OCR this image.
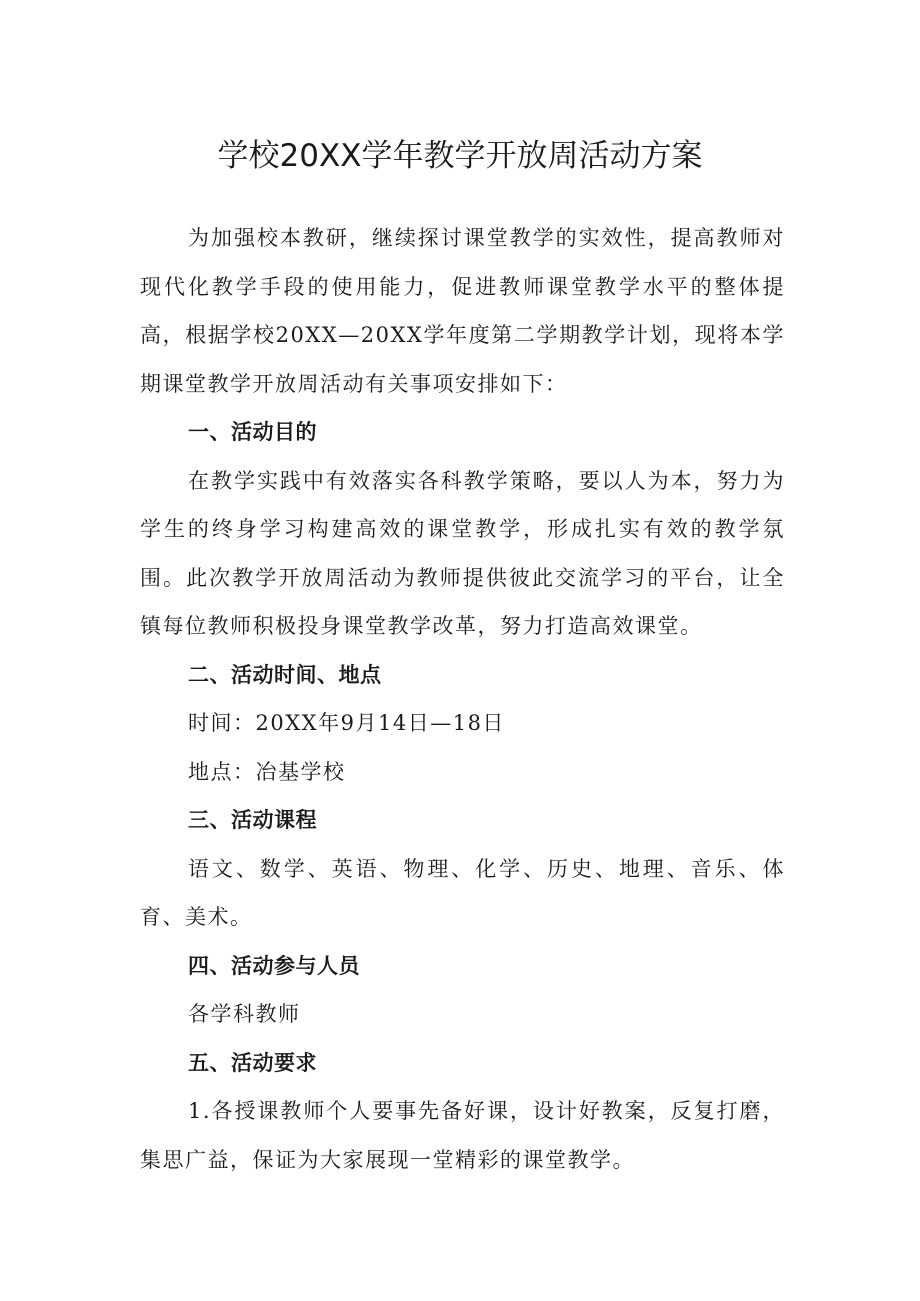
学校20XX学年教学开放周活动方案

为加强校本教研，继续探讨课堂教学的实效性，提高教师对现代化教学手段的使用能力，促进教师课堂教学水平的整体提高，根据学校20XX—20XX学年度第二学期教学计划，现将本学期课堂教学开放周活动有关事项安排如下：

一、活动目的

在教学实践中有效落实各科教学策略，要以人为本，努力为学生的终身学习构建高效的课堂教学，形成扎实有效的教学氛围。此次教学开放周活动为教师提供彼此交流学习的平台，让全镇每位教师积极投身课堂教学改革，努力打造高效课堂。

二、活动时间、地点

时间：20XX年9月14日—18日

地点：冶基学校

三、活动课程

语文、数学、英语、物理、化学、历史、地理、音乐、体育、美术。

四、活动参与人员

各学科教师

五、活动要求

1.各授课教师个人要事先备好课，设计好教案，反复打磨，集思广益，保证为大家展现一堂精彩的课堂教学。
